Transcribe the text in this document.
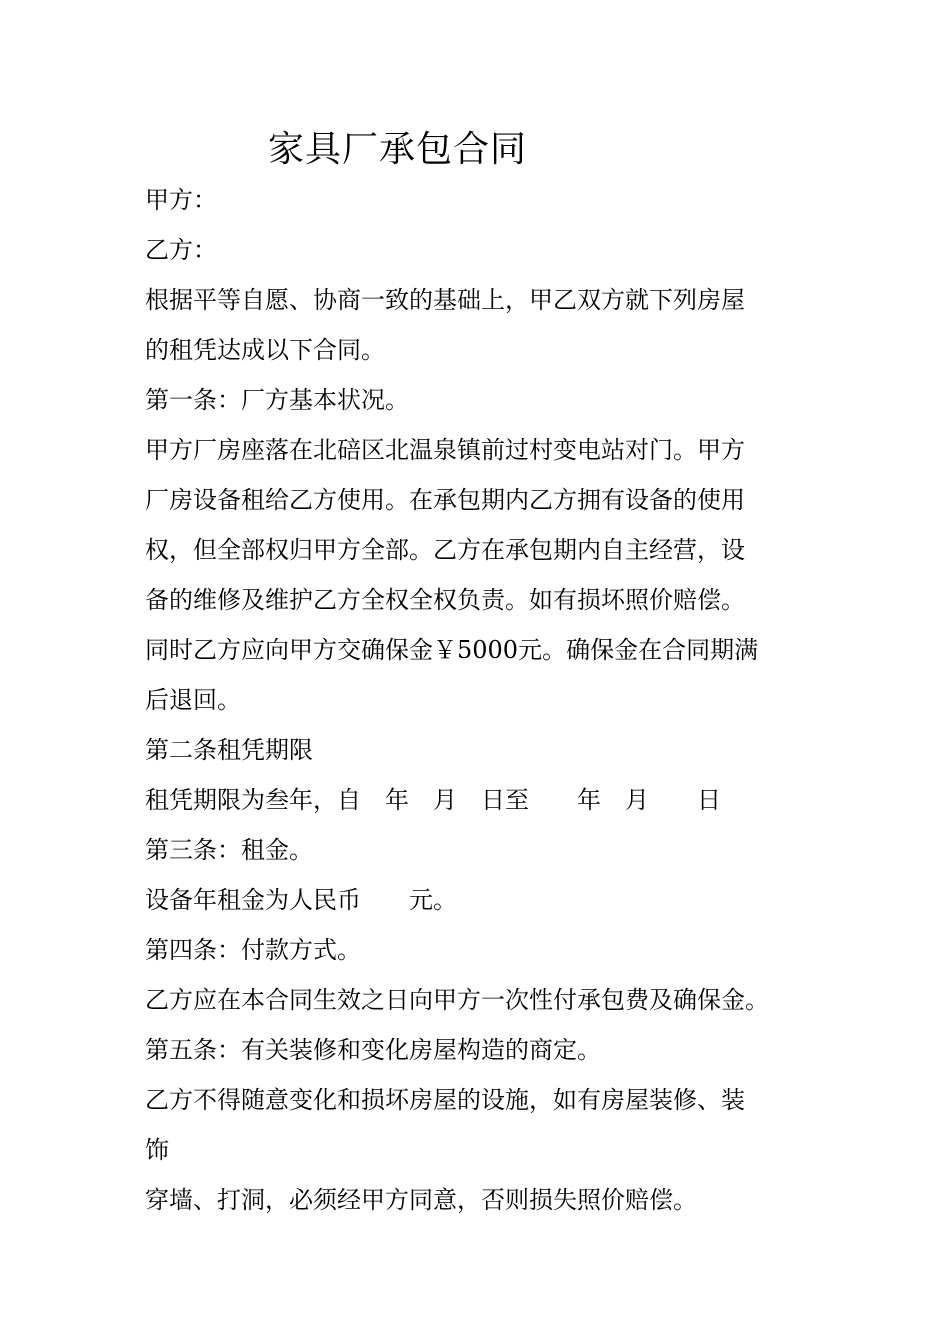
家具厂承包合同
甲方：
乙方：
根据平等自愿、协商一致的基础上，甲乙双方就下列房屋
的租凭达成以下合同。
第一条：厂方基本状况。
甲方厂房座落在北碚区北温泉镇前过村变电站对门。甲方
厂房设备租给乙方使用。在承包期内乙方拥有设备的使用
权，但全部权归甲方全部。乙方在承包期内自主经营，设
备的维修及维护乙方全权全权负责。如有损坏照价赔偿。
同时乙方应向甲方交确保金￥5000元。确保金在合同期满
后退回。
第二条租凭期限
租凭期限为叁年，自　年　月　日至　　年　月　　日
第三条：租金。
设备年租金为人民币　　元。
第四条：付款方式。
乙方应在本合同生效之日向甲方一次性付承包费及确保金。
第五条：有关装修和变化房屋构造的商定。
乙方不得随意变化和损坏房屋的设施，如有房屋装修、装
饰
穿墙、打洞，必须经甲方同意，否则损失照价赔偿。
